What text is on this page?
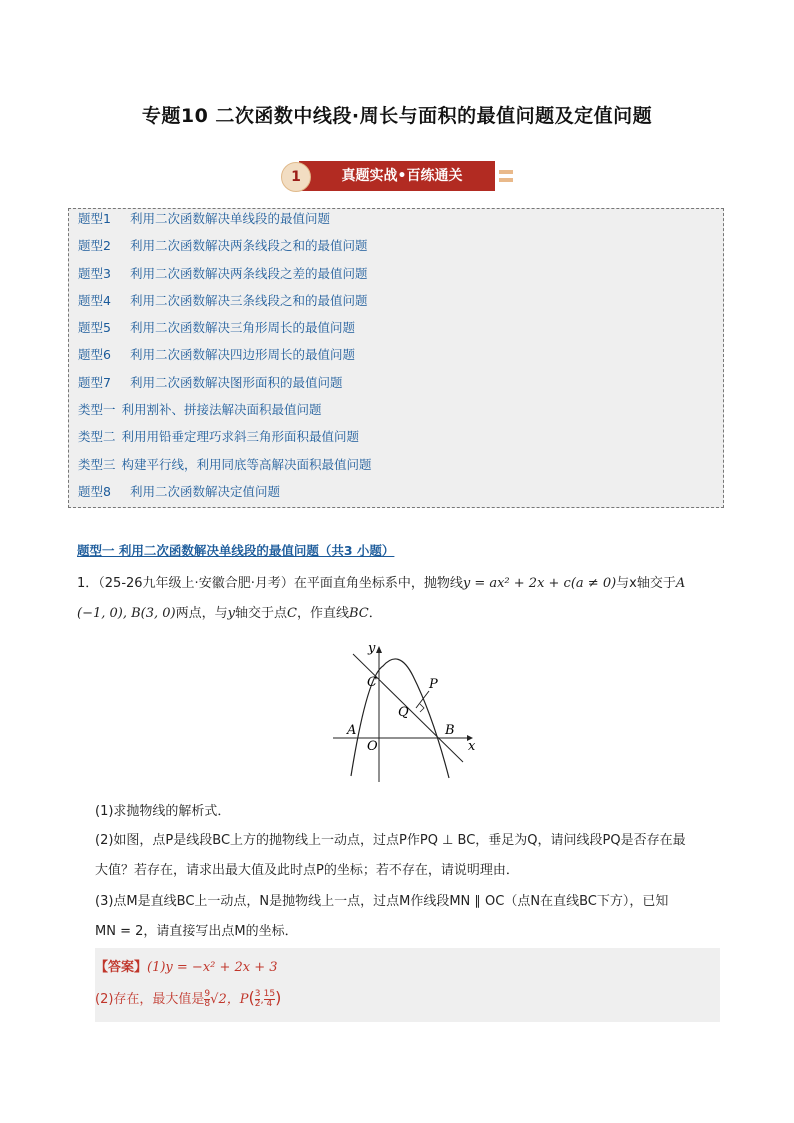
专题10 二次函数中线段·周长与面积的最值问题及定值问题
1	真题实战•百练通关
题型1 利用二次函数解决单线段的最值问题
题型2 利用二次函数解决两条线段之和的最值问题
题型3 利用二次函数解决两条线段之差的最值问题
题型4 利用二次函数解决三条线段之和的最值问题
题型5 利用二次函数解决三角形周长的最值问题
题型6 利用二次函数解决四边形周长的最值问题
题型7 利用二次函数解决图形面积的最值问题
类型一 利用割补、拼接法解决面积最值问题
类型二 利用用铅垂定理巧求斜三角形面积最值问题
类型三 构建平行线，利用同底等高解决面积最值问题
题型8 利用二次函数解决定值问题
题型一 利用二次函数解决单线段的最值问题（共3 小题）
1．（25-26九年级上·安徽合肥·月考）在平面直角坐标系中，抛物线y = ax² + 2x + c(a ≠ 0)与x轴交于A
(−1, 0), B(3, 0)两点，与y轴交于点C，作直线BC．
y
x
C	P
Q
A
O
B
(1)求抛物线的解析式．
(2)如图，点P是线段BC上方的抛物线上一动点，过点P作PQ ⊥ BC，垂足为Q，请问线段PQ是否存在最
大值？若存在，请求出最大值及此时点P的坐标；若不存在，请说明理由．
(3)点M是直线BC上一动点，N是抛物线上一点，过点M作线段MN ∥ OC（点N在直线BC下方），已知
MN = 2，请直接写出点M的坐标．
【答案】(1)y = −x² + 2x + 3
(2)存在，最大值是 $\frac{9}{8} √2$，$P( \frac{3}{2}$ , $\frac{15}{4}$ )
